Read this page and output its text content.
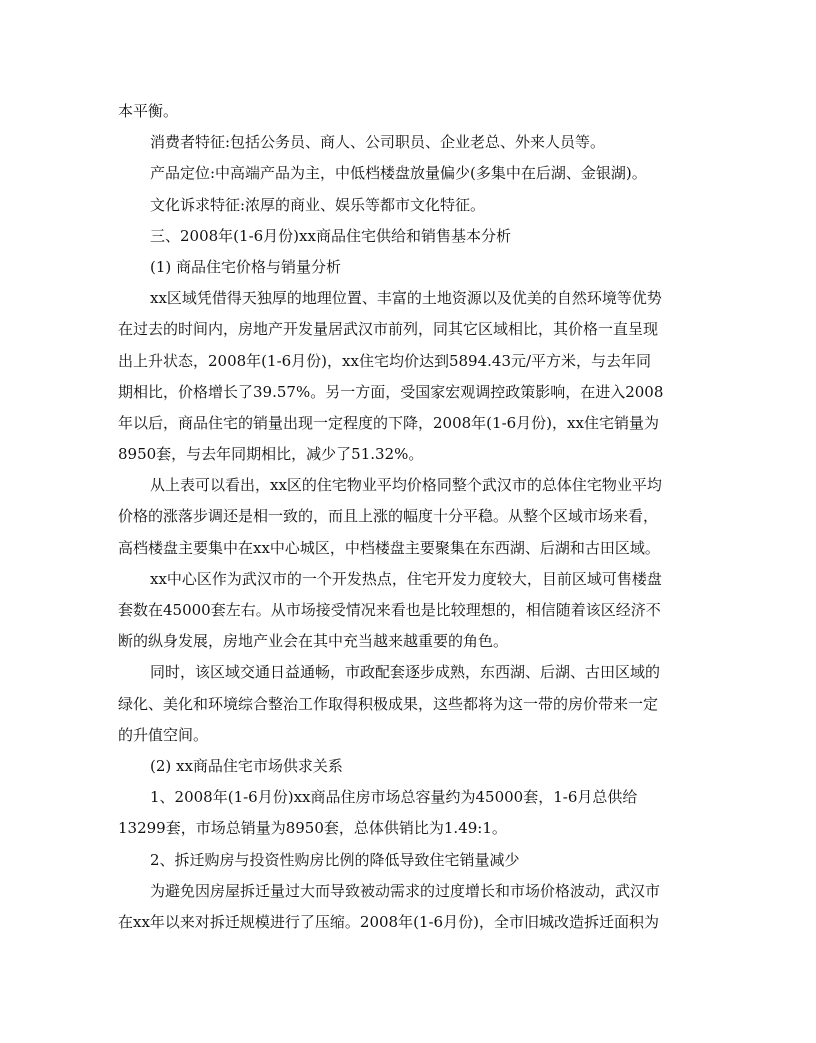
本平衡。
消费者特征:包括公务员、商人、公司职员、企业老总、外来人员等。
产品定位:中高端产品为主，中低档楼盘放量偏少(多集中在后湖、金银湖)。
文化诉求特征:浓厚的商业、娱乐等都市文化特征。
三、2008年(1-6月份)xx商品住宅供给和销售基本分析
(1) 商品住宅价格与销量分析
xx区域凭借得天独厚的地理位置、丰富的土地资源以及优美的自然环境等优势
在过去的时间内，房地产开发量居武汉市前列，同其它区域相比，其价格一直呈现
出上升状态，2008年(1-6月份)，xx住宅均价达到5894.43元/平方米，与去年同
期相比，价格增长了39.57%。另一方面，受国家宏观调控政策影响，在进入2008
年以后，商品住宅的销量出现一定程度的下降，2008年(1-6月份)，xx住宅销量为
8950套，与去年同期相比，减少了51.32%。
从上表可以看出，xx区的住宅物业平均价格同整个武汉市的总体住宅物业平均
价格的涨落步调还是相一致的，而且上涨的幅度十分平稳。从整个区域市场来看，
高档楼盘主要集中在xx中心城区，中档楼盘主要聚集在东西湖、后湖和古田区域。
xx中心区作为武汉市的一个开发热点，住宅开发力度较大，目前区域可售楼盘
套数在45000套左右。从市场接受情况来看也是比较理想的，相信随着该区经济不
断的纵身发展，房地产业会在其中充当越来越重要的角色。
同时，该区域交通日益通畅，市政配套逐步成熟，东西湖、后湖、古田区域的
绿化、美化和环境综合整治工作取得积极成果，这些都将为这一带的房价带来一定
的升值空间。
(2) xx商品住宅市场供求关系
1、2008年(1-6月份)xx商品住房市场总容量约为45000套，1-6月总供给
13299套，市场总销量为8950套，总体供销比为1.49:1。
2、拆迁购房与投资性购房比例的降低导致住宅销量减少
为避免因房屋拆迁量过大而导致被动需求的过度增长和市场价格波动，武汉市
在xx年以来对拆迁规模进行了压缩。2008年(1-6月份)，全市旧城改造拆迁面积为
